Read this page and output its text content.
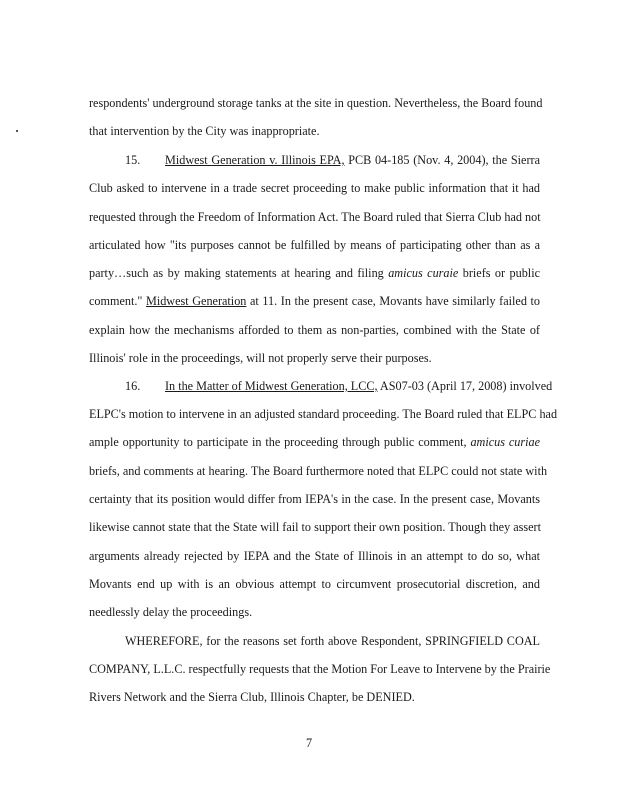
respondents' underground storage tanks at the site in question. Nevertheless, the Board found
that intervention by the City was inappropriate.
15. Midwest Generation v. Illinois EPA, PCB 04-185 (Nov. 4, 2004), the Sierra
Club asked to intervene in a trade secret proceeding to make public information that it had
requested through the Freedom of Information Act. The Board ruled that Sierra Club had not
articulated how "its purposes cannot be fulfilled by means of participating other than as a
party…such as by making statements at hearing and filing amicus curaie briefs or public
comment." Midwest Generation at 11. In the present case, Movants have similarly failed to
explain how the mechanisms afforded to them as non-parties, combined with the State of
Illinois' role in the proceedings, will not properly serve their purposes.
16. In the Matter of Midwest Generation, LCC, AS07-03 (April 17, 2008) involved
ELPC's motion to intervene in an adjusted standard proceeding. The Board ruled that ELPC had
ample opportunity to participate in the proceeding through public comment, amicus curiae
briefs, and comments at hearing. The Board furthermore noted that ELPC could not state with
certainty that its position would differ from IEPA's in the case. In the present case, Movants
likewise cannot state that the State will fail to support their own position. Though they assert
arguments already rejected by IEPA and the State of Illinois in an attempt to do so, what
Movants end up with is an obvious attempt to circumvent prosecutorial discretion, and
needlessly delay the proceedings.
WHEREFORE, for the reasons set forth above Respondent, SPRINGFIELD COAL
COMPANY, L.L.C. respectfully requests that the Motion For Leave to Intervene by the Prairie
Rivers Network and the Sierra Club, Illinois Chapter, be DENIED.
7
